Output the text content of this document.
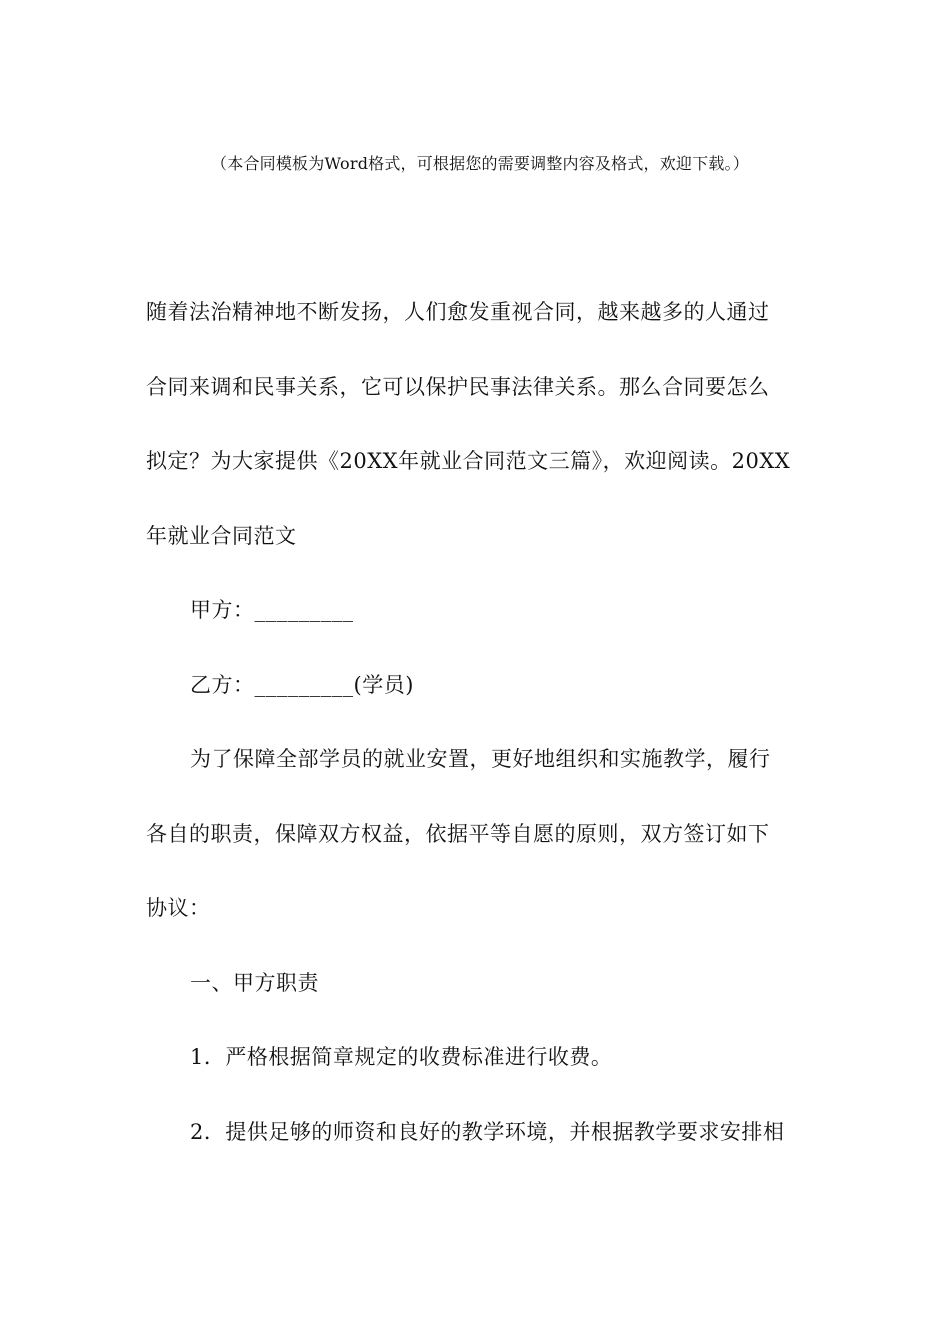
（本合同模板为Word格式，可根据您的需要调整内容及格式，欢迎下载。）
随着法治精神地不断发扬，人们愈发重视合同，越来越多的人通过
合同来调和民事关系，它可以保护民事法律关系。那么合同要怎么
拟定？为大家提供《20XX年就业合同范文三篇》，欢迎阅读。20XX
年就业合同范文
甲方：_________
乙方：_________(学员)
为了保障全部学员的就业安置，更好地组织和实施教学，履行
各自的职责，保障双方权益，依据平等自愿的原则，双方签订如下
协议：
一、甲方职责
1．严格根据简章规定的收费标准进行收费。
2．提供足够的师资和良好的教学环境，并根据教学要求安排相
